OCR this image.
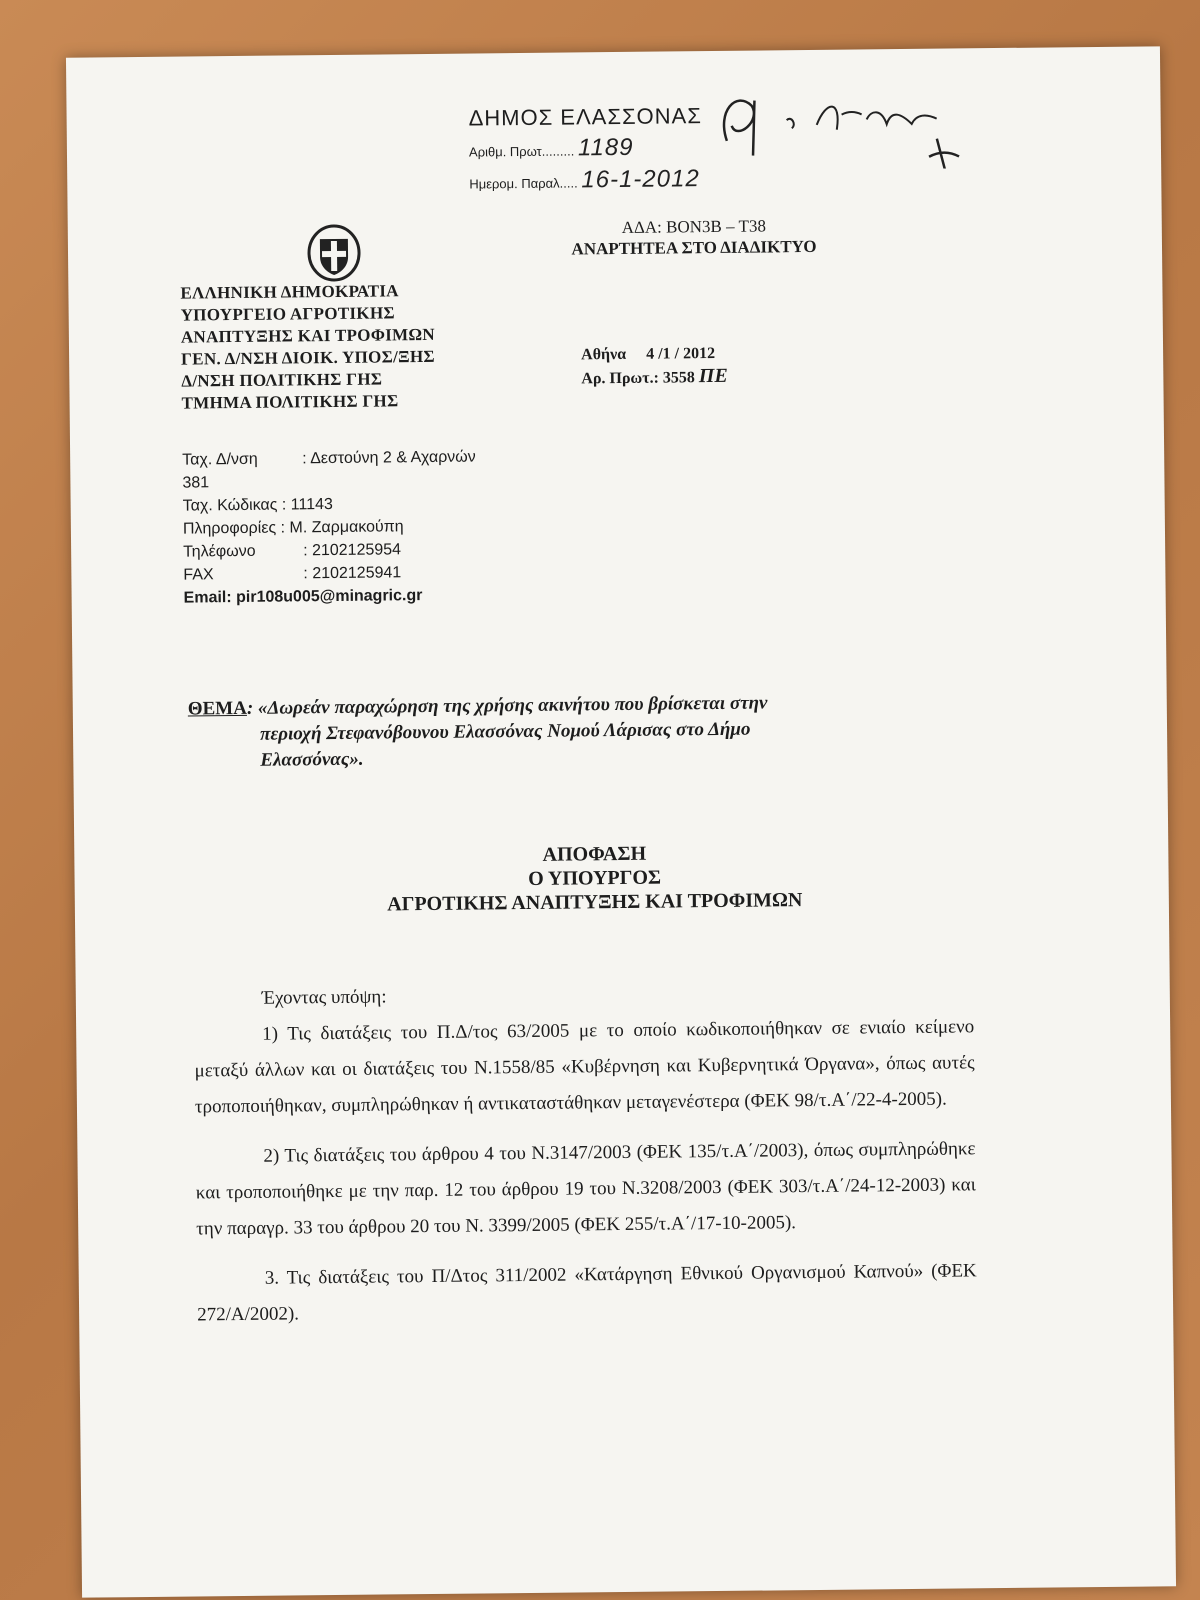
ΔΗΜΟΣ ΕΛΑΣΣΟΝΑΣ
Αριθμ. Πρωτ......... 1189
Ημερομ. Παραλ..... 16-1-2012
ΑΔΑ: ΒΟΝ3Β – Τ38
ΑΝΑΡΤΗΤΕΑ ΣΤΟ ΔΙΑΔΙΚΤΥΟ
ΕΛΛΗΝΙΚΗ ΔΗΜΟΚΡΑΤΙΑ
ΥΠΟΥΡΓΕΙΟ ΑΓΡΟΤΙΚΗΣ
ΑΝΑΠΤΥΞΗΣ ΚΑΙ ΤΡΟΦΙΜΩΝ
ΓΕΝ. Δ/ΝΣΗ ΔΙΟΙΚ. ΥΠΟΣ/ΞΗΣ
Δ/ΝΣΗ ΠΟΛΙΤΙΚΗΣ ΓΗΣ
ΤΜΗΜΑ ΠΟΛΙΤΙΚΗΣ ΓΗΣ
Αθήνα 4 /1 / 2012
Αρ. Πρωτ.: 3558 ΠΕ
Ταχ. Δ/νση	: Δεστούνη 2 & Αχαρνών
381
Ταχ. Κώδικας : 11143
Πληροφορίες : Μ. Ζαρμακούπη
Τηλέφωνο	: 2102125954
FAX	: 2102125941
Email: pir108u005@minagric.gr
ΘΕΜΑ: «Δωρεάν παραχώρηση της χρήσης ακινήτου που βρίσκεται στην
περιοχή Στεφανόβουνου Ελασσόνας Νομού Λάρισας στο Δήμο
Ελασσόνας».
ΑΠΟΦΑΣΗ
Ο ΥΠΟΥΡΓΟΣ
ΑΓΡΟΤΙΚΗΣ ΑΝΑΠΤΥΞΗΣ ΚΑΙ ΤΡΟΦΙΜΩΝ

Έχοντας υπόψη:

1) Τις διατάξεις του Π.Δ/τος 63/2005 με το οποίο κωδικοποιήθηκαν σε ενιαίο κείμενο μεταξύ άλλων και οι διατάξεις του Ν.1558/85 «Κυβέρνηση και Κυβερνητικά Όργανα», όπως αυτές τροποποιήθηκαν, συμπληρώθηκαν ή αντικαταστάθηκαν μεταγενέστερα (ΦΕΚ 98/τ.Α΄/22-4-2005).

2) Τις διατάξεις του άρθρου 4 του Ν.3147/2003 (ΦΕΚ 135/τ.Α΄/2003), όπως συμπληρώθηκε και τροποποιήθηκε με την παρ. 12 του άρθρου 19 του Ν.3208/2003 (ΦΕΚ 303/τ.Α΄/24-12-2003) και την παραγρ. 33 του άρθρου 20 του Ν. 3399/2005 (ΦΕΚ 255/τ.Α΄/17-10-2005).

3. Τις διατάξεις του Π/Δτος 311/2002 «Κατάργηση Εθνικού Οργανισμού Καπνού» (ΦΕΚ 272/Α/2002).
